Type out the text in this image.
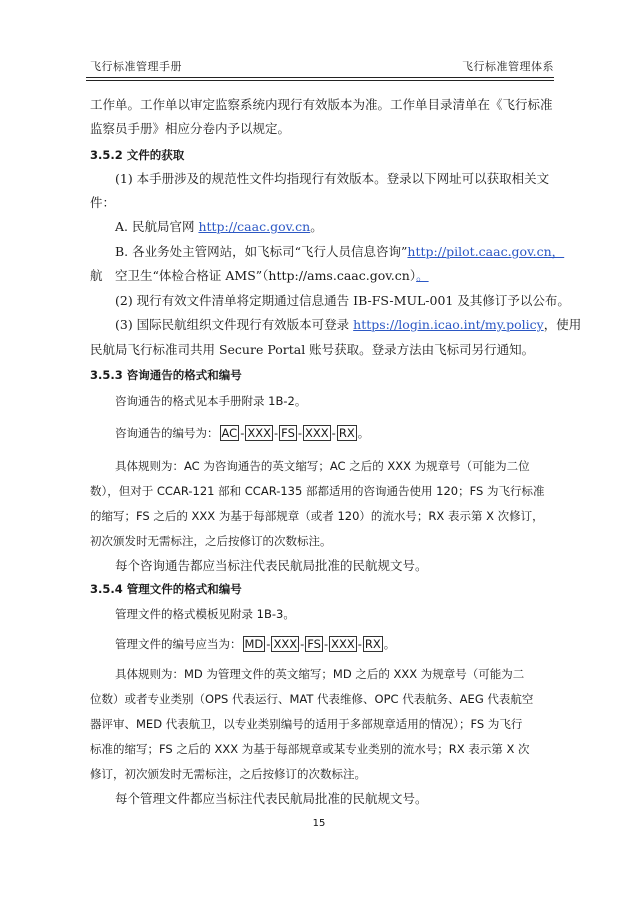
飞行标准管理手册	飞行标准管理体系
工作单。工作单以审定监察系统内现行有效版本为准。工作单目录清单在《飞行标准
监察员手册》相应分卷内予以规定。
3.5.2 文件的获取
(1) 本手册涉及的规范性文件均指现行有效版本。登录以下网址可以获取相关文
件：
A. 民航局官网 http://caac.gov.cn。
B. 各业务处主管网站，如飞标司“飞行人员信息咨询”http://pilot.caac.gov.cn，
航　空卫生“体检合格证 AMS”（http://ams.caac.gov.cn）。
(2) 现行有效文件清单将定期通过信息通告 IB-FS-MUL-001 及其修订予以公布。
(3) 国际民航组织文件现行有效版本可登录 https://login.icao.int/my.policy，使用
民航局飞行标准司共用 Secure Portal 账号获取。登录方法由飞标司另行通知。
3.5.3 咨询通告的格式和编号
咨询通告的格式见本手册附录 1B-2。
咨询通告的编号为： AC - XXX - FS - XXX - RX 。
具体规则为：AC 为咨询通告的英文缩写；AC 之后的 XXX 为规章号（可能为二位
数），但对于 CCAR-121 部和 CCAR-135 部都适用的咨询通告使用 120；FS 为飞行标准
的缩写；FS 之后的 XXX 为基于每部规章（或者 120）的流水号；RX 表示第 X 次修订，
初次颁发时无需标注，之后按修订的次数标注。
每个咨询通告都应当标注代表民航局批准的民航规文号。
3.5.4 管理文件的格式和编号
管理文件的格式模板见附录 1B-3。
管理文件的编号应当为： MD - XXX - FS - XXX - RX 。
具体规则为：MD 为管理文件的英文缩写；MD 之后的 XXX 为规章号（可能为二
位数）或者专业类别（OPS 代表运行、MAT 代表维修、OPC 代表航务、AEG 代表航空
器评审、MED 代表航卫，以专业类别编号的适用于多部规章适用的情况）；FS 为飞行
标准的缩写；FS 之后的 XXX 为基于每部规章或某专业类别的流水号；RX 表示第 X 次
修订，初次颁发时无需标注，之后按修订的次数标注。
每个管理文件都应当标注代表民航局批准的民航规文号。
15
